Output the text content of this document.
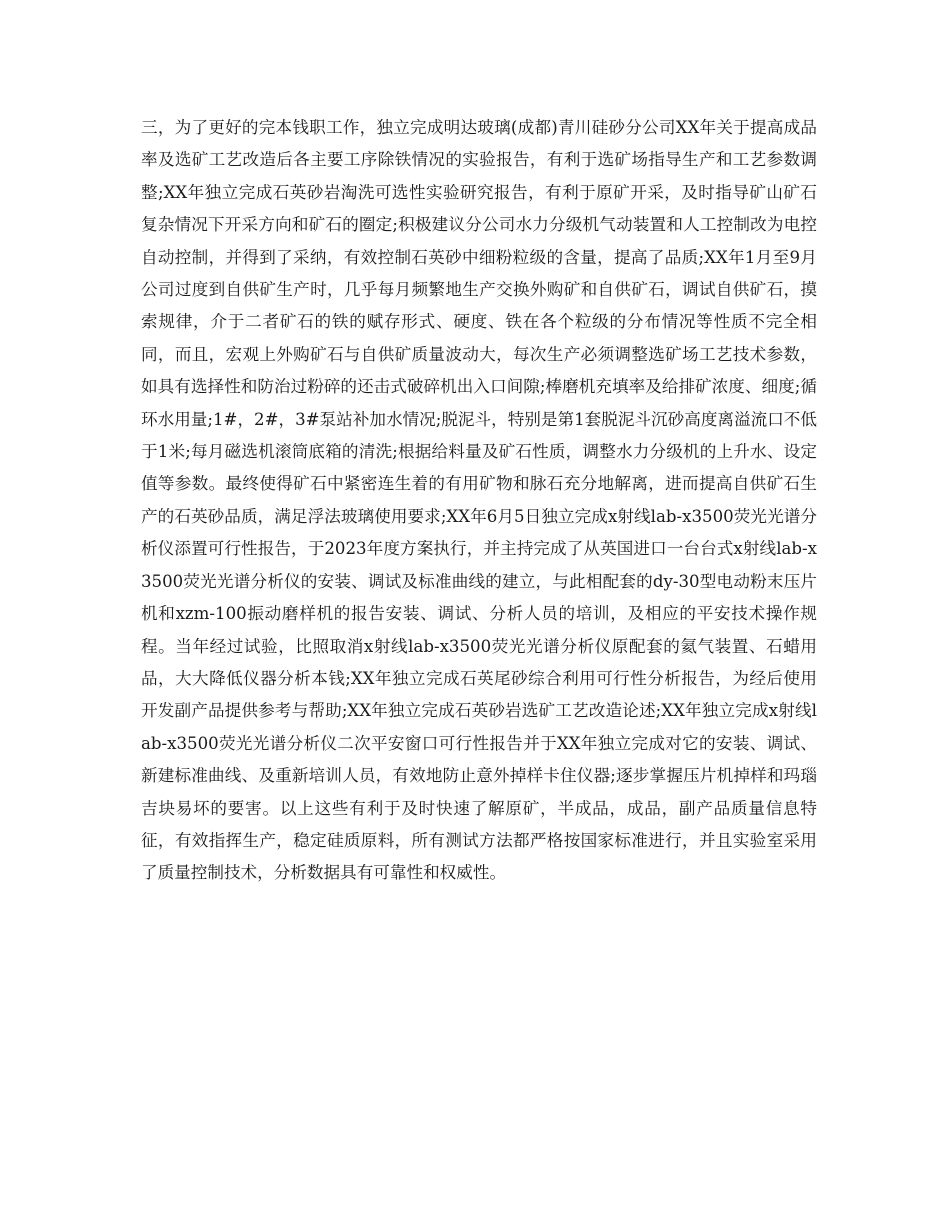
三，为了更好的完本钱职工作，独立完成明达玻璃(成都)青川硅砂分公司XX年关于提高成品率及选矿工艺改造后各主要工序除铁情况的实验报告，有利于选矿场指导生产和工艺参数调整;XX年独立完成石英砂岩淘洗可选性实验研究报告，有利于原矿开采，及时指导矿山矿石复杂情况下开采方向和矿石的圈定;积极建议分公司水力分级机气动装置和人工控制改为电控自动控制，并得到了采纳，有效控制石英砂中细粉粒级的含量，提高了品质;XX年1月至9月公司过度到自供矿生产时，几乎每月频繁地生产交换外购矿和自供矿石，调试自供矿石，摸索规律，介于二者矿石的铁的赋存形式、硬度、铁在各个粒级的分布情况等性质不完全相同，而且，宏观上外购矿石与自供矿质量波动大，每次生产必须调整选矿场工艺技术参数，如具有选择性和防治过粉碎的还击式破碎机出入口间隙;棒磨机充填率及给排矿浓度、细度;循环水用量;1#，2#，3#泵站补加水情况;脱泥斗，特别是第1套脱泥斗沉砂高度离溢流口不低于1米;每月磁选机滚筒底箱的清洗;根据给料量及矿石性质，调整水力分级机的上升水、设定值等参数。最终使得矿石中紧密连生着的有用矿物和脉石充分地解离，进而提高自供矿石生产的石英砂品质，满足浮法玻璃使用要求;XX年6月5日独立完成x射线lab-x3500荧光光谱分析仪添置可行性报告，于2023年度方案执行，并主持完成了从英国进口一台台式x射线lab-x3500荧光光谱分析仪的安装、调试及标准曲线的建立，与此相配套的dy-30型电动粉末压片机和xzm-100振动磨样机的报告安装、调试、分析人员的培训，及相应的平安技术操作规程。当年经过试验，比照取消x射线lab-x3500荧光光谱分析仪原配套的氦气装置、石蜡用品，大大降低仪器分析本钱;XX年独立完成石英尾砂综合利用可行性分析报告，为经后使用开发副产品提供参考与帮助;XX年独立完成石英砂岩选矿工艺改造论述;XX年独立完成x射线lab-x3500荧光光谱分析仪二次平安窗口可行性报告并于XX年独立完成对它的安装、调试、新建标准曲线、及重新培训人员，有效地防止意外掉样卡住仪器;逐步掌握压片机掉样和玛瑙吉块易坏的要害。以上这些有利于及时快速了解原矿，半成品，成品，副产品质量信息特征，有效指挥生产，稳定硅质原料，所有测试方法都严格按国家标准进行，并且实验室采用了质量控制技术，分析数据具有可靠性和权威性。
